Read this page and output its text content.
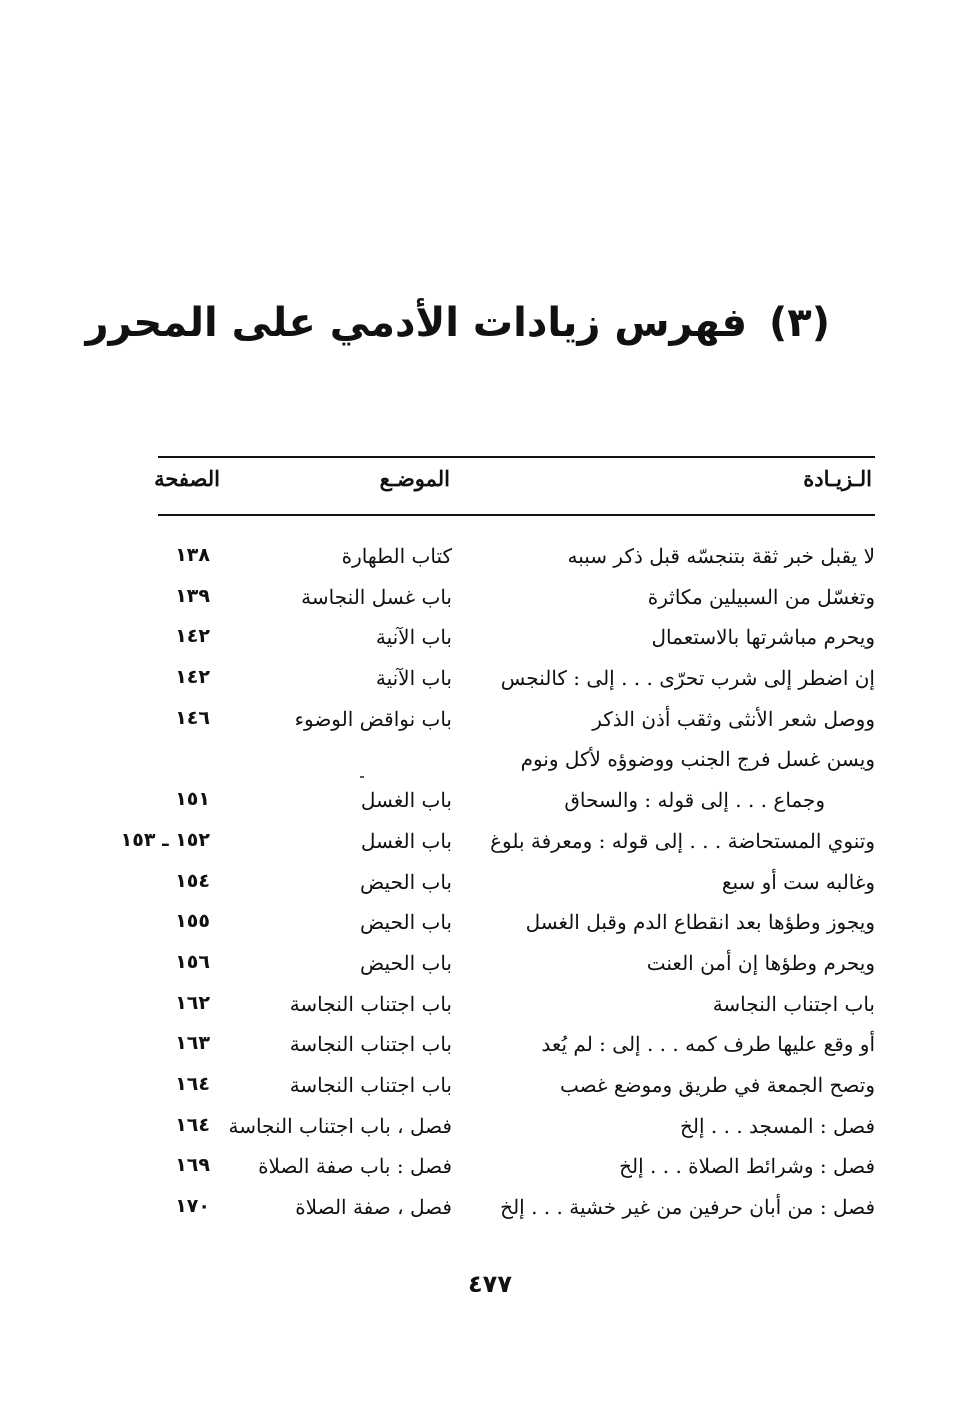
(٣)فهرس زيادات الأدمي على المحرر
الـزيـادة
الموضـع
الصفحة
لا يقبل خبر ثقة بتنجسّه قبل ذكر سببه
كتاب الطهارة
١٣٨
وتغسّل من السبيلين مكاثرة
باب غسل النجاسة
١٣٩
ويحرم مباشرتها بالاستعمال
باب الآنية
١٤٢
إن اضطر إلى شرب تحرّى . . . إلى : كالنجس
باب الآنية
١٤٢
ووصل شعر الأنثى وثقب أذن الذكر
باب نواقض الوضوء
١٤٦
ويسن غسل فرج الجنب ووضوؤه لأكل ونوم
وجماع . . . إلى قوله : والسحاق
باب الغسل
١٥١
وتنوي المستحاضة . . . إلى قوله : ومعرفة بلوغ
باب الغسل
١٥٢ ـ ١٥٣
وغالبه ست أو سبع
باب الحيض
١٥٤
ويجوز وطؤها بعد انقطاع الدم وقبل الغسل
باب الحيض
١٥٥
ويحرم وطؤها إن أمن العنت
باب الحيض
١٥٦
باب اجتناب النجاسة
باب اجتناب النجاسة
١٦٢
أو وقع عليها طرف كمه . . . إلى : لم يُعد
باب اجتناب النجاسة
١٦٣
وتصح الجمعة في طريق وموضع غصب
باب اجتناب النجاسة
١٦٤
فصل : المسجد . . . إلخ
فصل ، باب اجتناب النجاسة
١٦٤
فصل : وشرائط الصلاة . . . إلخ
فصل : باب صفة الصلاة
١٦٩
فصل : من أبان حرفين من غير خشية . . . إلخ
فصل ، صفة الصلاة
١٧٠
٤٧٧
